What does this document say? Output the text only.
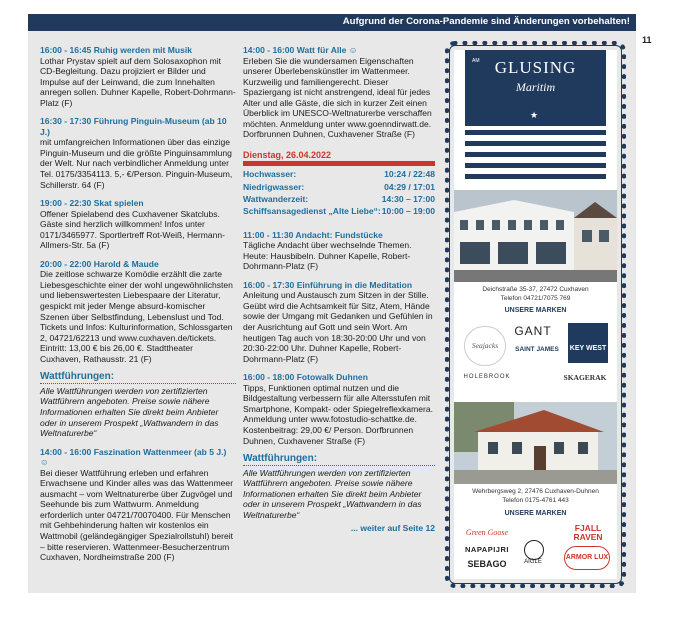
Aufgrund der Corona-Pandemie sind Änderungen vorbehalten!
11
16:00 - 16:45 Ruhig werden mit Musik
Lothar Prystav spielt auf dem Solosaxophon mit CD-Begleitung. Dazu projiziert er Bilder und Impulse auf der Leinwand, die zum Innehalten anregen sollen. Duhner Kapelle, Robert-Dohrmann-Platz (F)
16:30 - 17:30 Führung Pinguin-Museum (ab 10 J.)
mit umfangreichen Informationen über das einzige Pinguin-Museum und die größte Pinguinsammlung der Welt. Nur nach verbindlicher Anmeldung unter Tel. 0175/3354113. 5,- €/Person. Pinguin-Museum, Schillerstr. 64 (F)
19:00 - 22:30 Skat spielen
Offener Spielabend des Cuxhavener Skatclubs. Gäste sind herzlich willkommen! Infos unter 0171/3465977. Sportlertreff Rot-Weiß, Hermann-Allmers-Str. 5a (F)
20:00 - 22:00 Harold & Maude
Die zeitlose schwarze Komödie erzählt die zarte Liebesgeschichte einer der wohl ungewöhnlichsten und liebenswertesten Liebespaare der Literatur, gespickt mit jeder Menge absurd-komischer Szenen über Selbstfindung, Lebenslust und Tod. Tickets und Infos: Kulturinformation, Schlossgarten 2, 04721/62213 und www.cuxhaven.de/tickets. Eintritt: 13,00 € bis 26,00 €. Stadttheater Cuxhaven, Rathausstr. 21 (F)
Wattführungen:
Alle Wattführungen werden von zertifizierten Wattführern angeboten. Preise sowie nähere Informationen erhalten Sie direkt beim Anbieter oder in unserem Prospekt „Wattwandern in das Weltnaturerbe“
14:00 - 16:00 Faszination Wattenmeer (ab 5 J.) ☺
Bei dieser Wattführung erleben und erfahren Erwachsene und Kinder alles was das Wattenmeer ausmacht – vom Weltnaturerbe über Zugvögel und Seehunde bis zum Wattwurm. Anmeldung erforderlich unter 04721/70070400. Für Menschen mit Gehbehinderung halten wir kostenlos ein Wattmobil (geländegängiger Spezialrollstuhl) bereit – bitte reservieren. Wattenmeer-Besucherzentrum Cuxhaven, Nordheimstraße 200 (F)
14:00 - 16:00 Watt für Alle ☺
Erleben Sie die wundersamen Eigenschaften unserer Überlebenskünstler im Wattenmeer. Kurzweilig und familiengerecht. Dieser Spaziergang ist nicht anstrengend, ideal für jedes Alter und alle Gäste, die sich in kurzer Zeit einen Überblick im UNESCO-Weltnaturerbe verschaffen möchten. Anmeldung unter www.goenndirwatt.de. Dorfbrunnen Duhnen, Cuxhavener Straße (F)
Dienstag, 26.04.2022
Hochwasser:	10:24 / 22:48
Niedrigwasser:	04:29 / 17:01
Wattwanderzeit:	14:30 – 17:00
Schiffsansagedienst „Alte Liebe“:	10:00 – 19:00
11:00 - 11:30 Andacht: Fundstücke
Tägliche Andacht über wechselnde Themen. Heute: Hausbibeln. Duhner Kapelle, Robert-Dohrmann-Platz (F)
16:00 - 17:30 Einführung in die Meditation
Anleitung und Austausch zum Sitzen in der Stille. Geübt wird die Achtsamkeit für Sitz, Atem, Hände sowie der Umgang mit Gedanken und Gefühlen in der Ausrichtung auf Gott und sein Wort. Am heutigen Tag auch von 18:30-20:00 Uhr und von 20:30-22:00 Uhr. Duhner Kapelle, Robert-Dohrmann-Platz (F)
16:00 - 18:00 Fotowalk Duhnen
Tipps, Funktionen optimal nutzen und die Bildgestaltung verbessern für alle Altersstufen mit Smartphone, Kompakt- oder Spiegelreflexkamera. Anmeldung unter www.fotostudio-schattke.de. Kostenbeitrag: 29,00 €/ Person. Dorfbrunnen Duhnen, Cuxhavener Straße (F)
Wattführungen:
Alle Wattführungen werden von zertifizierten Wattführern angeboten. Preise sowie nähere Informationen erhalten Sie direkt beim Anbieter oder in unserem Prospekt „Wattwandern in das Weltnaturerbe“
... weiter auf Seite 12
AM GLUSING
Maritim
★
Deichstraße 35-37, 27472 Cuxhaven
Telefon 04721/7075 769
UNSERE MARKEN
Seajacks
GANT
KEY WEST
SAINT JAMES
HOLEBROOK	SKAGERAK
Wehrbergsweg 2, 27476 Cuxhaven-Duhnen
Telefon 0175-4761 443
UNSERE MARKEN
Green Goose	FJALL RAVEN
NAPAPIJRI
SEBAGO	AIGLE
ARMOR LUX
